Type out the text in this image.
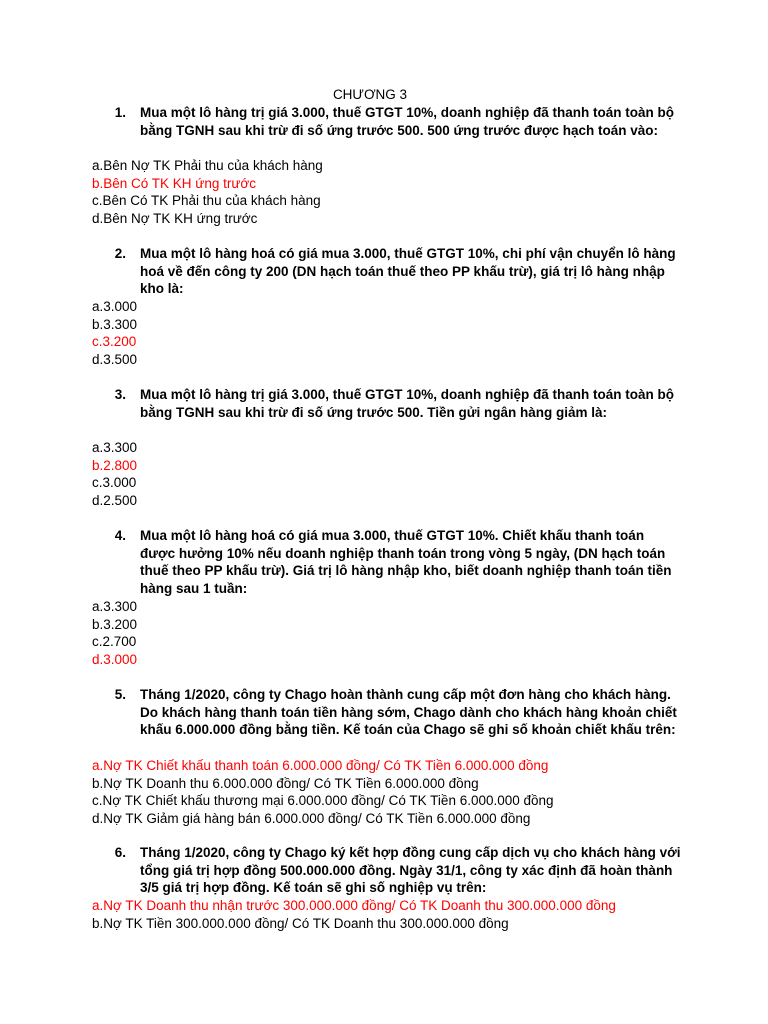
CHƯƠNG 3
1.	Mua một lô hàng trị giá 3.000, thuế GTGT 10%, doanh nghiệp đã thanh toán toàn bộ bằng TGNH sau khi trừ đi số ứng trước 500. 500 ứng trước được hạch toán vào:
a.Bên Nợ TK Phải thu của khách hàng
b.Bên Có TK KH ứng trước
c.Bên Có TK Phải thu của khách hàng
d.Bên Nợ TK KH ứng trước
2.	Mua một lô hàng hoá có giá mua 3.000, thuế GTGT 10%, chi phí vận chuyển lô hàng hoá về đến công ty 200 (DN hạch toán thuế theo PP khấu trừ), giá trị lô hàng nhập kho là:
a.3.000
b.3.300
c.3.200
d.3.500
3.	Mua một lô hàng trị giá 3.000, thuế GTGT 10%, doanh nghiệp đã thanh toán toàn bộ bằng TGNH sau khi trừ đi số ứng trước 500. Tiền gửi ngân hàng giảm là:
a.3.300
b.2.800
c.3.000
d.2.500
4.	Mua một lô hàng hoá có giá mua 3.000, thuế GTGT 10%. Chiết khấu thanh toán được hưởng 10% nếu doanh nghiệp thanh toán trong vòng 5 ngày, (DN hạch toán thuế theo PP khấu trừ). Giá trị lô hàng nhập kho, biết doanh nghiệp thanh toán tiền hàng sau 1 tuần:
a.3.300
b.3.200
c.2.700
d.3.000
5.	Tháng 1/2020, công ty Chago hoàn thành cung cấp một đơn hàng cho khách hàng. Do khách hàng thanh toán tiền hàng sớm, Chago dành cho khách hàng khoản chiết khấu 6.000.000 đồng bằng tiền. Kế toán của Chago sẽ ghi số khoản chiết khấu trên:
a.Nợ TK Chiết khấu thanh toán 6.000.000 đồng/ Có TK Tiền 6.000.000 đồng
b.Nợ TK Doanh thu 6.000.000 đồng/ Có TK Tiền 6.000.000 đồng
c.Nợ TK Chiết khấu thương mại 6.000.000 đồng/ Có TK Tiền 6.000.000 đồng
d.Nợ TK Giảm giá hàng bán 6.000.000 đồng/ Có TK Tiền 6.000.000 đồng
6.	Tháng 1/2020, công ty Chago ký kết hợp đồng cung cấp dịch vụ cho khách hàng với tổng giá trị hợp đồng 500.000.000 đồng. Ngày 31/1, công ty xác định đã hoàn thành 3/5 giá trị hợp đồng. Kế toán sẽ ghi số nghiệp vụ trên:
a.Nợ TK Doanh thu nhận trước 300.000.000 đồng/ Có TK Doanh thu 300.000.000 đồng
b.Nợ TK Tiền 300.000.000 đồng/ Có TK Doanh thu 300.000.000 đồng
